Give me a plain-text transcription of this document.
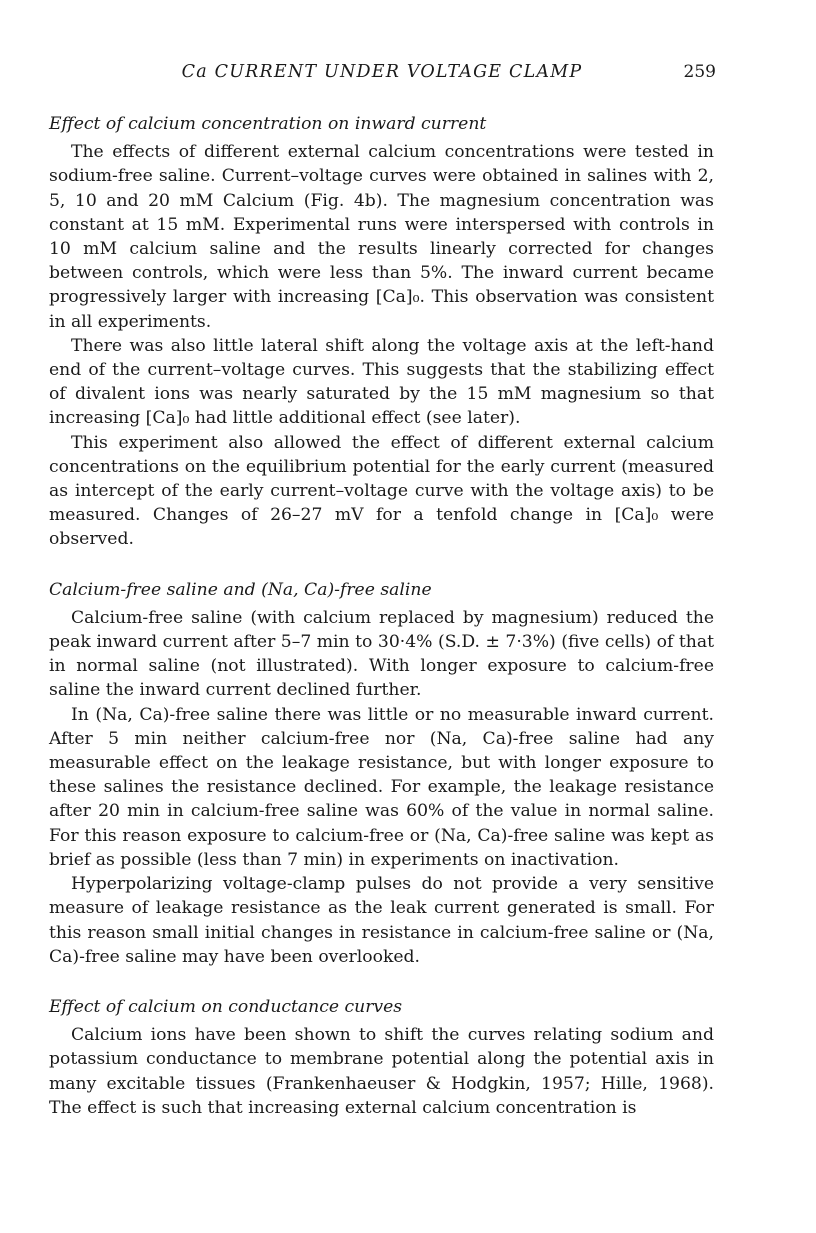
Ca CURRENT UNDER VOLTAGE CLAMP	259

Effect of calcium concentration on inward current

The effects of different external calcium concentrations were tested in sodium-free saline. Current–voltage curves were obtained in salines with 2, 5, 10 and 20 mM Calcium (Fig. 4b). The magnesium concentration was constant at 15 mM. Experimental runs were interspersed with controls in 10 mM calcium saline and the results linearly corrected for changes between controls, which were less than 5%. The inward current became progressively larger with increasing [Ca]₀. This observation was consistent in all experiments.

There was also little lateral shift along the voltage axis at the left-hand end of the current–voltage curves. This suggests that the stabilizing effect of divalent ions was nearly saturated by the 15 mM magnesium so that increasing [Ca]₀ had little additional effect (see later).

This experiment also allowed the effect of different external calcium concentrations on the equilibrium potential for the early current (measured as intercept of the early current–voltage curve with the voltage axis) to be measured. Changes of 26–27 mV for a tenfold change in [Ca]₀ were observed.

Calcium-free saline and (Na, Ca)-free saline

Calcium-free saline (with calcium replaced by magnesium) reduced the peak inward current after 5–7 min to 30·4% (S.D. ± 7·3%) (five cells) of that in normal saline (not illustrated). With longer exposure to calcium-free saline the inward current declined further.

In (Na, Ca)-free saline there was little or no measurable inward current. After 5 min neither calcium-free nor (Na, Ca)-free saline had any measurable effect on the leakage resistance, but with longer exposure to these salines the resistance declined. For example, the leakage resistance after 20 min in calcium-free saline was 60% of the value in normal saline. For this reason exposure to calcium-free or (Na, Ca)-free saline was kept as brief as possible (less than 7 min) in experiments on inactivation.

Hyperpolarizing voltage-clamp pulses do not provide a very sensitive measure of leakage resistance as the leak current generated is small. For this reason small initial changes in resistance in calcium-free saline or (Na, Ca)-free saline may have been overlooked.

Effect of calcium on conductance curves

Calcium ions have been shown to shift the curves relating sodium and potassium conductance to membrane potential along the potential axis in many excitable tissues (Frankenhaeuser & Hodgkin, 1957; Hille, 1968). The effect is such that increasing external calcium concentration is
